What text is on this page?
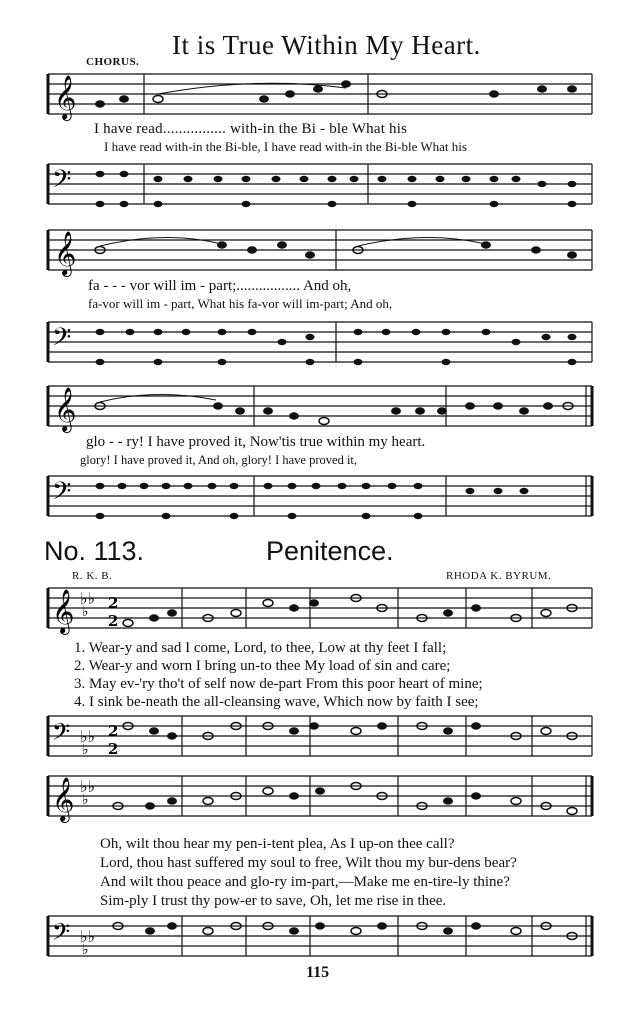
It is True Within My Heart.
CHORUS.
𝄞
I have read................ with-in the Bi - ble What his
I have read with-in the Bi-ble, I have read with-in the Bi-ble What his
𝄢
𝄞
fa - - - vor will im - part;................. And oh,
fa-vor will im - part, What his fa-vor will im-part; And oh,
𝄢
𝄞
glo - - ry! I have proved it, Now'tis true within my heart.
glory! I have proved it, And oh, glory! I have proved it,
𝄢
No. 113.	Penitence.
R. K. B.	RHODA K. BYRUM.
𝄞 ♭♭
♭ 2
2
1. Wear-y and sad I come, Lord, to thee, Low at thy feet I fall;
2. Wear-y and worn I bring un-to thee My load of sin and care;
3. May ev-'ry tho't of self now de-part From this poor heart of mine;
4. I sink be-neath the all-cleansing wave, Which now by faith I see;
𝄢 ♭♭
♭
2
2
𝄞 ♭♭
♭
Oh, wilt thou hear my pen-i-tent plea, As I up-on thee call?
Lord, thou hast suffered my soul to free, Wilt thou my bur-dens bear?
And wilt thou peace and glo-ry im-part,—Make me en-tire-ly thine?
Sim-ply I trust thy pow-er to save, Oh, let me rise in thee.
𝄢 ♭♭
♭
115
